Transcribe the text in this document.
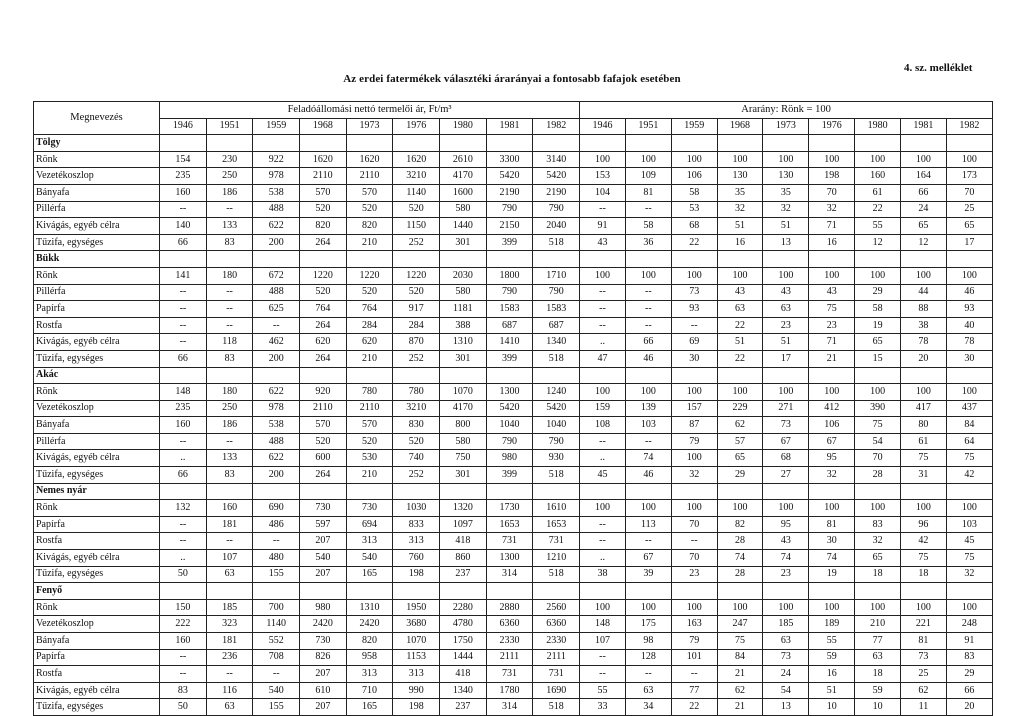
4. sz. melléklet
Az erdei fatermékek választéki árarányai a fontosabb fafajok esetében
Megnevezés	Feladóállomási nettó termelői ár, Ft/m³									Ararány: Rönk = 100								
	1946	1951	1959	1968	1973	1976	1980	1981	1982	1946	1951	1959	1968	1973	1976	1980	1981	1982
Tölgy																		
Rönk	154	230	922	1620	1620	1620	2610	3300	3140	100	100	100	100	100	100	100	100	100
Vezetékoszlop	235	250	978	2110	2110	3210	4170	5420	5420	153	109	106	130	130	198	160	164	173
Bányafa	160	186	538	570	570	1140	1600	2190	2190	104	81	58	35	35	70	61	66	70
Pillérfa	--	--	488	520	520	520	580	790	790	--	--	53	32	32	32	22	24	25
Kivágás, egyéb célra	140	133	622	820	820	1150	1440	2150	2040	91	58	68	51	51	71	55	65	65
Tűzifa, egységes	66	83	200	264	210	252	301	399	518	43	36	22	16	13	16	12	12	17
Bükk																		
Rönk	141	180	672	1220	1220	1220	2030	1800	1710	100	100	100	100	100	100	100	100	100
Pillérfa	--	--	488	520	520	520	580	790	790	--	--	73	43	43	43	29	44	46
Papírfa	--	--	625	764	764	917	1181	1583	1583	--	--	93	63	63	75	58	88	93
Rostfa	--	--	--	264	284	284	388	687	687	--	--	--	22	23	23	19	38	40
Kivágás, egyéb célra	--	118	462	620	620	870	1310	1410	1340	..	66	69	51	51	71	65	78	78
Tűzifa, egységes	66	83	200	264	210	252	301	399	518	47	46	30	22	17	21	15	20	30
Akác																		
Rönk	148	180	622	920	780	780	1070	1300	1240	100	100	100	100	100	100	100	100	100
Vezetékoszlop	235	250	978	2110	2110	3210	4170	5420	5420	159	139	157	229	271	412	390	417	437
Bányafa	160	186	538	570	570	830	800	1040	1040	108	103	87	62	73	106	75	80	84
Pillérfa	--	--	488	520	520	520	580	790	790	--	--	79	57	67	67	54	61	64
Kivágás, egyéb célra	..	133	622	600	530	740	750	980	930	..	74	100	65	68	95	70	75	75
Tűzifa, egységes	66	83	200	264	210	252	301	399	518	45	46	32	29	27	32	28	31	42
Nemes nyár																		
Rönk	132	160	690	730	730	1030	1320	1730	1610	100	100	100	100	100	100	100	100	100
Papírfa	--	181	486	597	694	833	1097	1653	1653	--	113	70	82	95	81	83	96	103
Rostfa	--	--	--	207	313	313	418	731	731	--	--	--	28	43	30	32	42	45
Kivágás, egyéb célra	..	107	480	540	540	760	860	1300	1210	..	67	70	74	74	74	65	75	75
Tűzifa, egységes	50	63	155	207	165	198	237	314	518	38	39	23	28	23	19	18	18	32
Fenyő																		
Rönk	150	185	700	980	1310	1950	2280	2880	2560	100	100	100	100	100	100	100	100	100
Vezetékoszlop	222	323	1140	2420	2420	3680	4780	6360	6360	148	175	163	247	185	189	210	221	248
Bányafa	160	181	552	730	820	1070	1750	2330	2330	107	98	79	75	63	55	77	81	91
Papírfa	--	236	708	826	958	1153	1444	2111	2111	--	128	101	84	73	59	63	73	83
Rostfa	--	--	--	207	313	313	418	731	731	--	--	--	21	24	16	18	25	29
Kivágás, egyéb célra	83	116	540	610	710	990	1340	1780	1690	55	63	77	62	54	51	59	62	66
Tűzifa, egységes	50	63	155	207	165	198	237	314	518	33	34	22	21	13	10	10	11	20
